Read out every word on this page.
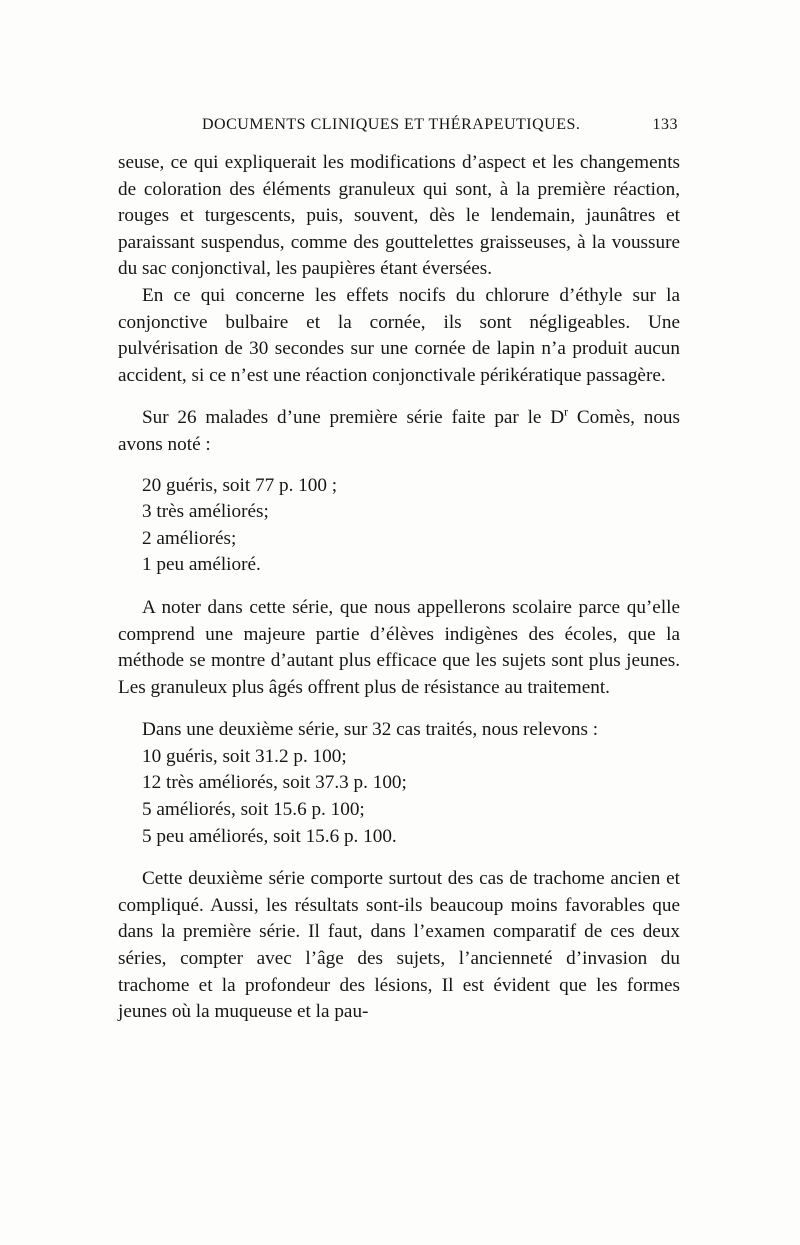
DOCUMENTS CLINIQUES ET THÉRAPEUTIQUES.	133

seuse, ce qui expliquerait les modifications d’aspect et les changements de coloration des éléments granuleux qui sont, à la première réaction, rouges et turgescents, puis, souvent, dès le lendemain, jaunâtres et paraissant suspendus, comme des gouttelettes graisseuses, à la voussure du sac conjonctival, les paupières étant éversées.

En ce qui concerne les effets nocifs du chlorure d’éthyle sur la conjonctive bulbaire et la cornée, ils sont négligeables. Une pulvérisation de 30 secondes sur une cornée de lapin n’a produit aucun accident, si ce n’est une réaction conjonctivale périkératique passagère.

Sur 26 malades d’une première série faite par le $D^r$ Comès, nous avons noté :

20 guéris, soit 77 p. 100 ;
3 très améliorés;
2 améliorés;
1 peu amélioré.

A noter dans cette série, que nous appellerons scolaire parce qu’elle comprend une majeure partie d’élèves indigènes des écoles, que la méthode se montre d’autant plus efficace que les sujets sont plus jeunes. Les granuleux plus âgés offrent plus de résistance au traitement.

Dans une deuxième série, sur 32 cas traités, nous relevons :

10 guéris, soit 31.2 p. 100;
12 très améliorés, soit 37.3 p. 100;
5 améliorés, soit 15.6 p. 100;
5 peu améliorés, soit 15.6 p. 100.

Cette deuxième série comporte surtout des cas de trachome ancien et compliqué. Aussi, les résultats sont-ils beaucoup moins favorables que dans la première série. Il faut, dans l’examen comparatif de ces deux séries, compter avec l’âge des sujets, l’ancienneté d’invasion du trachome et la profondeur des lésions, Il est évident que les formes jeunes où la muqueuse et la pau-
